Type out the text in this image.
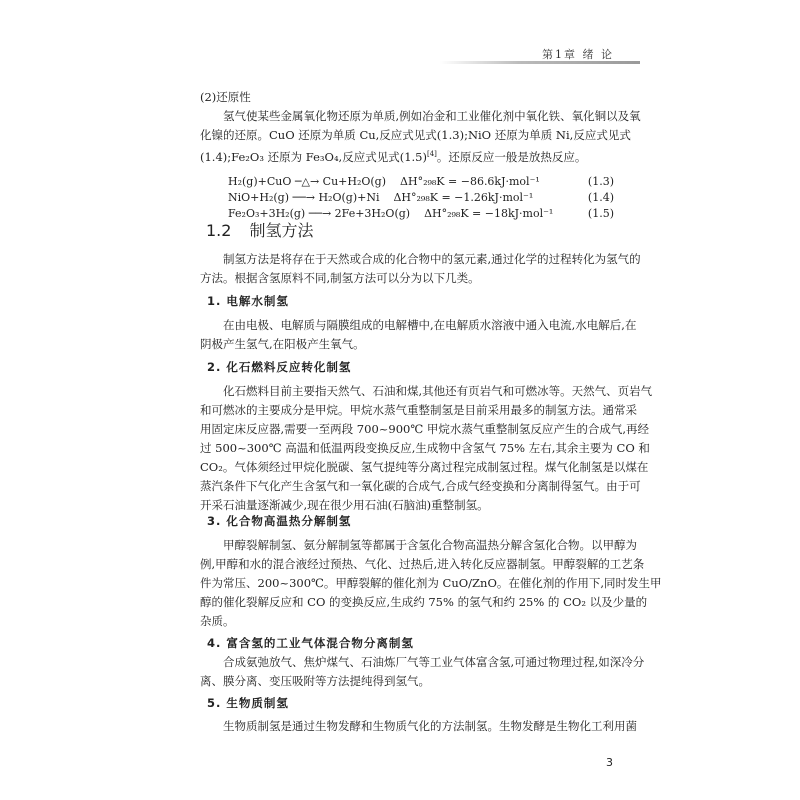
第1章 绪 论
(2)还原性
氢气使某些金属氧化物还原为单质,例如冶金和工业催化剂中氧化铁、氧化铜以及氧
化镍的还原。CuO 还原为单质 Cu,反应式见式(1.3);NiO 还原为单质 Ni,反应式见式
(1.4);Fe₂O₃ 还原为 Fe₃O₄,反应式见式(1.5)[4]。还原反应一般是放热反应。
H₂(g)+CuO ─△→ Cu+H₂O(g) ΔH°₂₉₈K = −86.6kJ·mol⁻¹	(1.3)
NiO+H₂(g) ──→ H₂O(g)+Ni ΔH°₂₉₈K = −1.26kJ·mol⁻¹	(1.4)
Fe₂O₃+3H₂(g) ──→ 2Fe+3H₂O(g) ΔH°₂₉₈K = −18kJ·mol⁻¹	(1.5)
1.2 制氢方法
制氢方法是将存在于天然或合成的化合物中的氢元素,通过化学的过程转化为氢气的
方法。根据含氢原料不同,制氢方法可以分为以下几类。
1. 电解水制氢
在由电极、电解质与隔膜组成的电解槽中,在电解质水溶液中通入电流,水电解后,在
阴极产生氢气,在阳极产生氧气。
2. 化石燃料反应转化制氢
化石燃料目前主要指天然气、石油和煤,其他还有页岩气和可燃冰等。天然气、页岩气
和可燃冰的主要成分是甲烷。甲烷水蒸气重整制氢是目前采用最多的制氢方法。通常采
用固定床反应器,需要一至两段 700~900℃ 甲烷水蒸气重整制氢反应产生的合成气,再经
过 500~300℃ 高温和低温两段变换反应,生成物中含氢气 75% 左右,其余主要为 CO 和
CO₂。气体须经过甲烷化脱碳、氢气提纯等分离过程完成制氢过程。煤气化制氢是以煤在
蒸汽条件下气化产生含氢气和一氧化碳的合成气,合成气经变换和分离制得氢气。由于可
开采石油量逐渐减少,现在很少用石油(石脑油)重整制氢。
3. 化合物高温热分解制氢
甲醇裂解制氢、氨分解制氢等都属于含氢化合物高温热分解含氢化合物。以甲醇为
例,甲醇和水的混合液经过预热、气化、过热后,进入转化反应器制氢。甲醇裂解的工艺条
件为常压、200~300℃。甲醇裂解的催化剂为 CuO/ZnO。在催化剂的作用下,同时发生甲
醇的催化裂解反应和 CO 的变换反应,生成约 75% 的氢气和约 25% 的 CO₂ 以及少量的
杂质。
4. 富含氢的工业气体混合物分离制氢
合成氨弛放气、焦炉煤气、石油炼厂气等工业气体富含氢,可通过物理过程,如深冷分
离、膜分离、变压吸附等方法提纯得到氢气。
5. 生物质制氢
生物质制氢是通过生物发酵和生物质气化的方法制氢。生物发酵是生物化工利用菌
3
